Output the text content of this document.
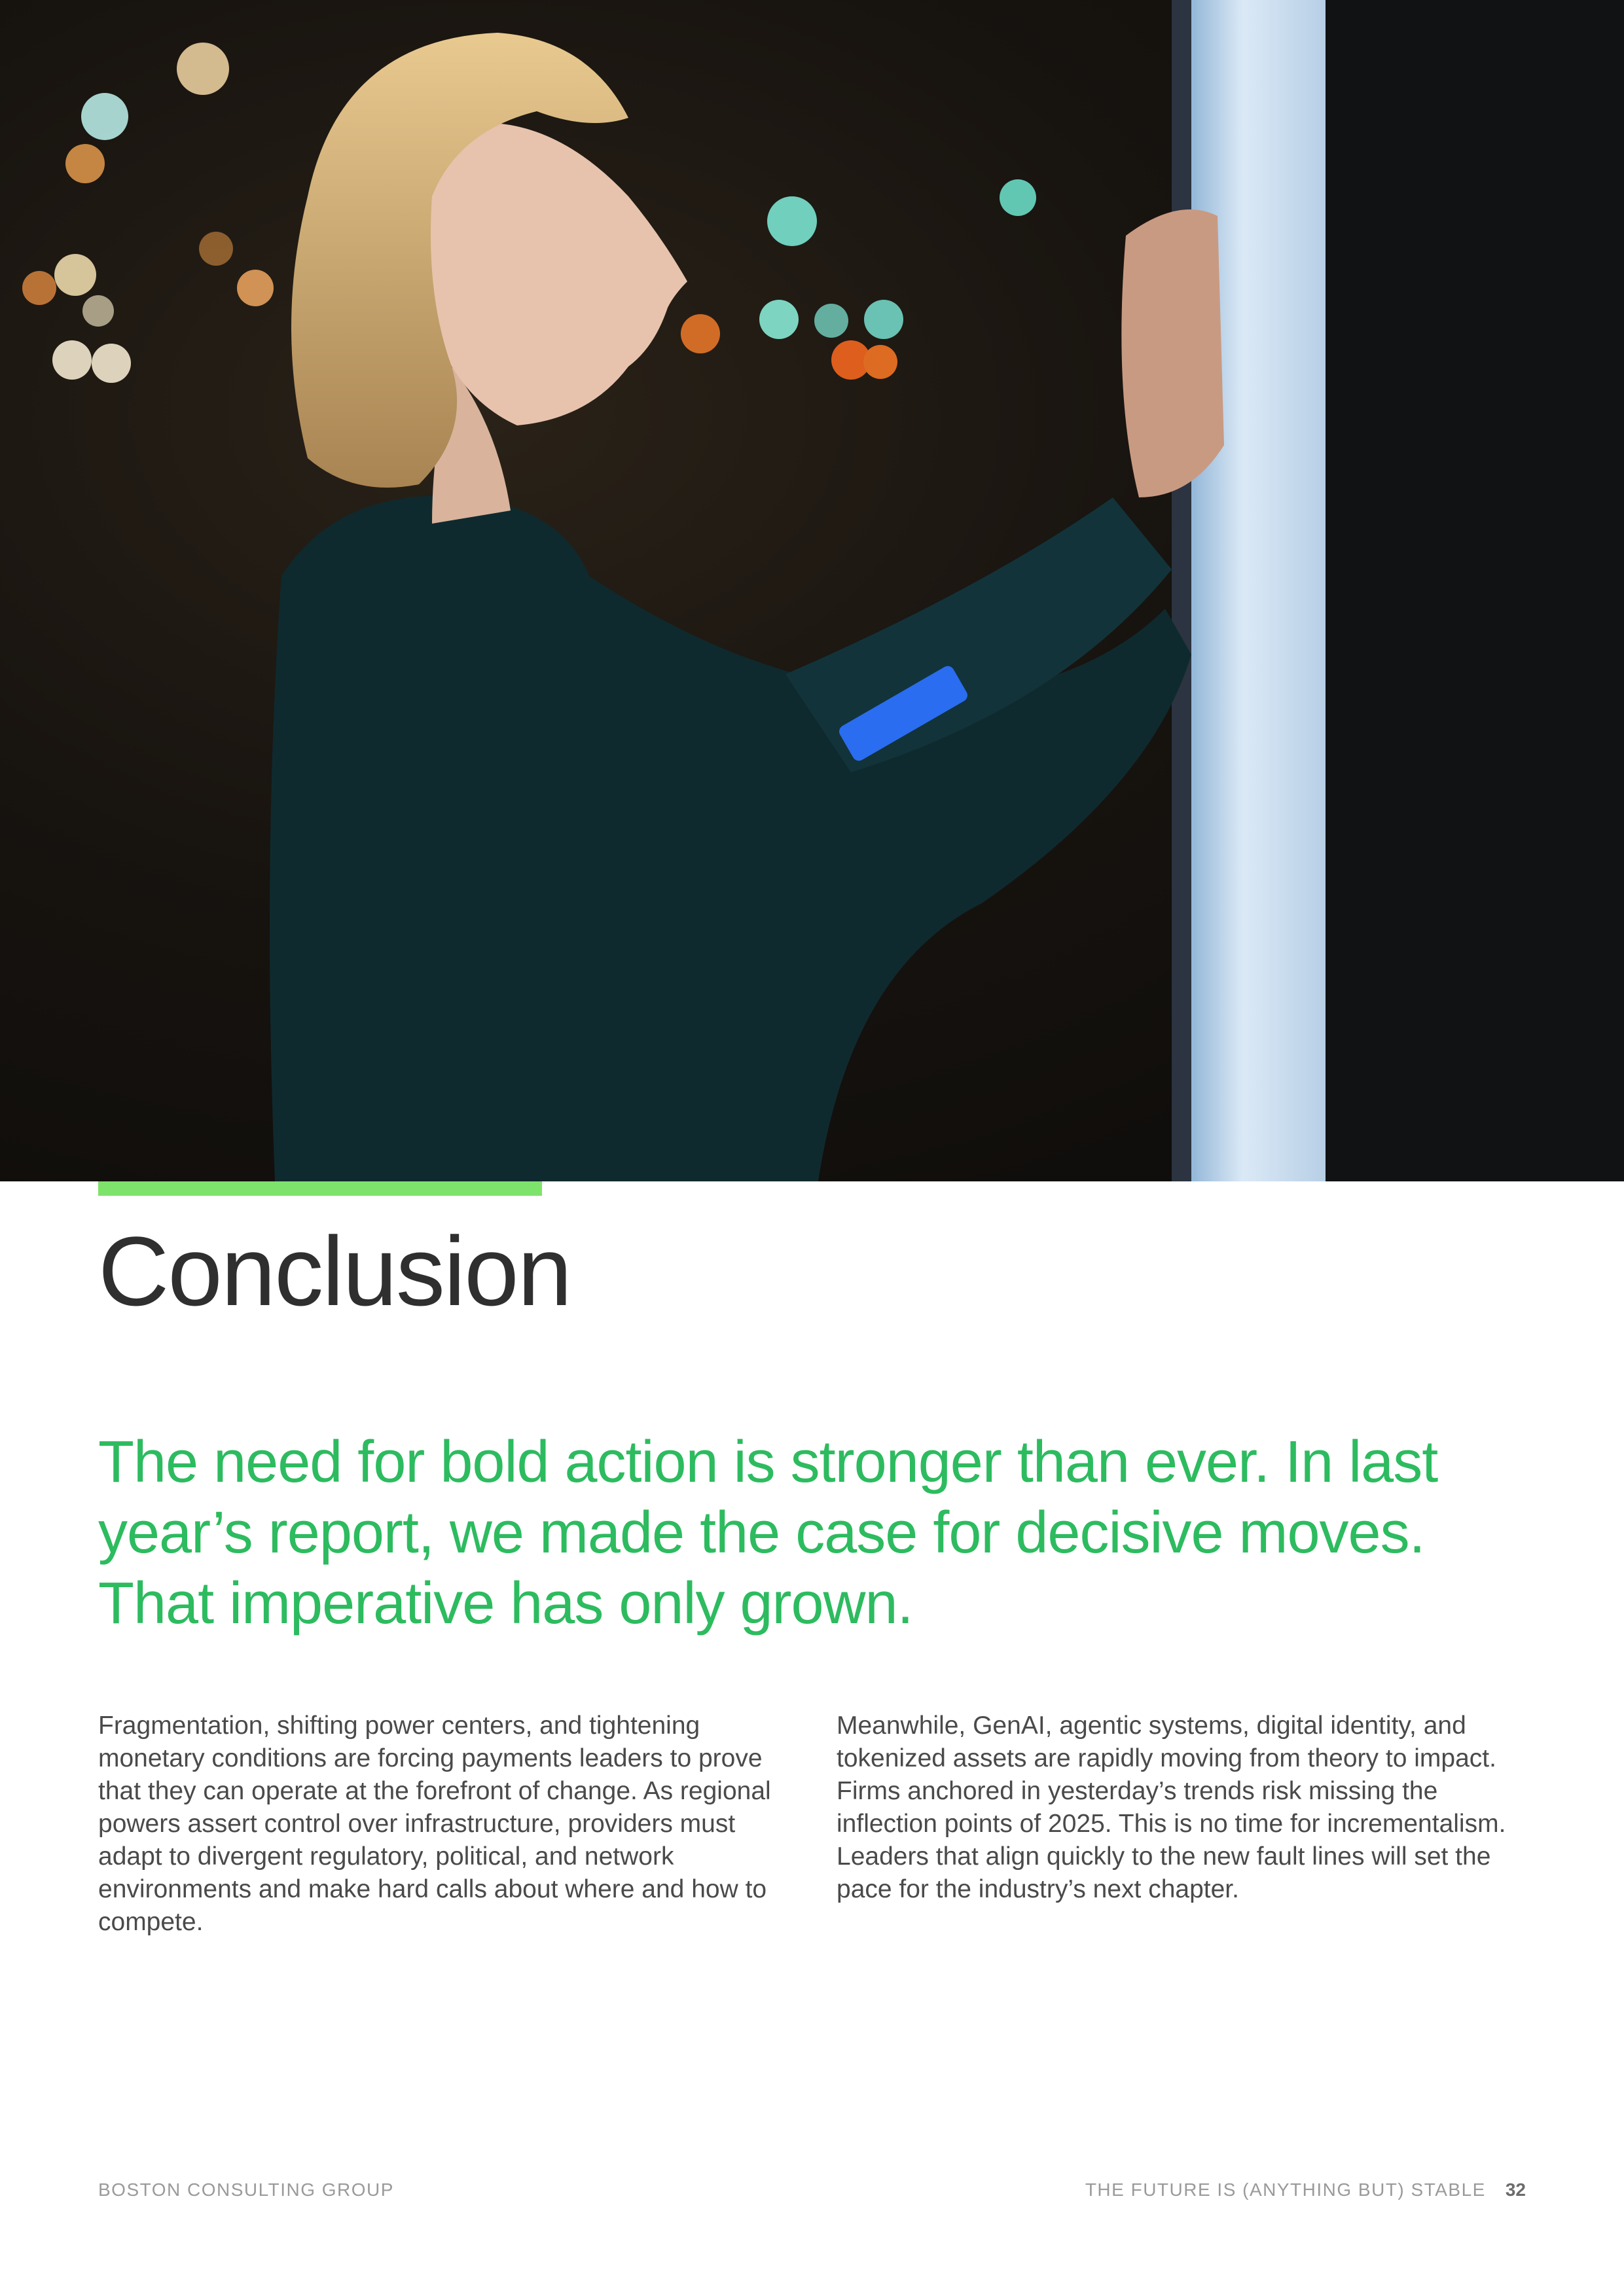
Conclusion

The need for bold action is stronger than ever. In last year’s report, we made the case for decisive moves. That imperative has only grown.

Fragmentation, shifting power centers, and tightening monetary conditions are forcing payments leaders to prove that they can operate at the forefront of change. As regional powers assert control over infrastructure, providers must adapt to divergent regulatory, political, and network environments and make hard calls about where and how to compete.

Meanwhile, GenAI, agentic systems, digital identity, and tokenized assets are rapidly moving from theory to impact. Firms anchored in yesterday’s trends risk missing the inflection points of 2025. This is no time for incrementalism. Leaders that align quickly to the new fault lines will set the pace for the industry’s next chapter.

BOSTON CONSULTING GROUP	THE FUTURE IS (ANYTHING BUT) STABLE 32
